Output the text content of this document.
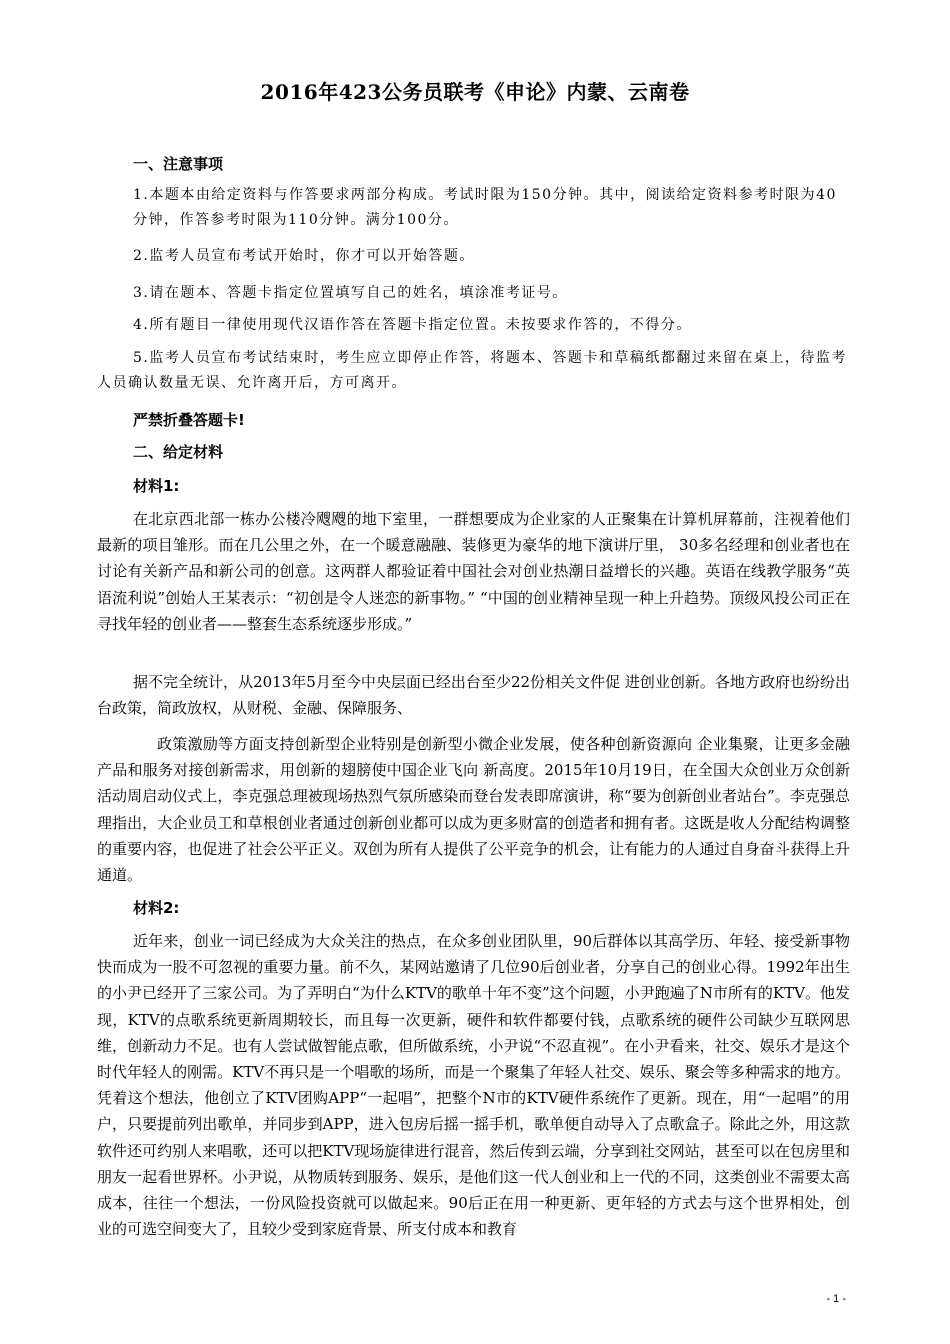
2016年423公务员联考《申论》内蒙、云南卷
一、注意事项
1.本题本由给定资料与作答要求两部分构成。考试时限为150分钟。其中，阅读给定资料参考时限为40分钟，作答参考时限为110分钟。满分100分。
2.监考人员宣布考试开始时，你才可以开始答题。
3.请在题本、答题卡指定位置填写自己的姓名，填涂准考证号。
4.所有题目一律使用现代汉语作答在答题卡指定位置。未按要求作答的，不得分。
5.监考人员宣布考试结束时，考生应立即停止作答，将题本、答题卡和草稿纸都翻过来留在桌上，待监考人员确认数量无误、允许离开后，方可离开。
严禁折叠答题卡!
二、给定材料
材料1:
在北京西北部一栋办公楼冷飕飕的地下室里，一群想要成为企业家的人正聚集在计算机屏幕前，注视着他们最新的项目雏形。而在几公里之外，在一个暖意融融、装修更为豪华的地下演讲厅里， 30多名经理和创业者也在讨论有关新产品和新公司的创意。这两群人都验证着中国社会对创业热潮日益增长的兴趣。英语在线教学服务“英语流利说”创始人王某表示：“初创是令人迷恋的新事物。” “中国的创业精神呈现一种上升趋势。顶级风投公司正在寻找年轻的创业者——整套生态系统逐步形成。”
据不完全统计，从2013年5月至今中央层面已经出台至少22份相关文件促 进创业创新。各地方政府也纷纷出台政策，简政放权，从财税、金融、保障服务、
政策激励等方面支持创新型企业特别是创新型小微企业发展，使各种创新资源向 企业集聚，让更多金融产品和服务对接创新需求，用创新的翅膀使中国企业飞向 新高度。2015年10月19日，在全国大众创业万众创新活动周启动仪式上，李克强总理被现场热烈气氛所感染而登台发表即席演讲，称“要为创新创业者站台”。李克强总理指出，大企业员工和草根创业者通过创新创业都可以成为更多财富的创造者和拥有者。这既是收人分配结构调整的重要内容，也促进了社会公平正义。双创为所有人提供了公平竞争的机会，让有能力的人通过自身奋斗获得上升通道。
材料2:
近年来，创业一词已经成为大众关注的热点，在众多创业团队里，90后群体以其高学历、年轻、接受新事物快而成为一股不可忽视的重要力量。前不久，某网站邀请了几位90后创业者，分享自己的创业心得。1992年出生的小尹已经开了三家公司。为了弄明白“为什么KTV的歌单十年不变”这个问题，小尹跑遍了N市所有的KTV。他发现，KTV的点歌系统更新周期较长，而且每一次更新，硬件和软件都要付钱，点歌系统的硬件公司缺少互联网思维，创新动力不足。也有人尝试做智能点歌，但所做系统，小尹说“不忍直视”。在小尹看来，社交、娱乐才是这个时代年轻人的刚需。KTV不再只是一个唱歌的场所，而是一个聚集了年轻人社交、娱乐、聚会等多种需求的地方。凭着这个想法，他创立了KTV团购APP“一起唱”，把整个N市的KTV硬件系统作了更新。现在，用“一起唱”的用户，只要提前列出歌单，并同步到APP，进入包房后摇一摇手机，歌单便自动导入了点歌盒子。除此之外，用这款软件还可约别人来唱歌，还可以把KTV现场旋律进行混音，然后传到云端，分享到社交网站，甚至可以在包房里和朋友一起看世界杯。小尹说，从物质转到服务、娱乐，是他们这一代人创业和上一代的不同，这类创业不需要太高成本，往往一个想法，一份风险投资就可以做起来。90后正在用一种更新、更年轻的方式去与这个世界相处，创业的可选空间变大了，且较少受到家庭背景、所支付成本和教育
- 1 -
